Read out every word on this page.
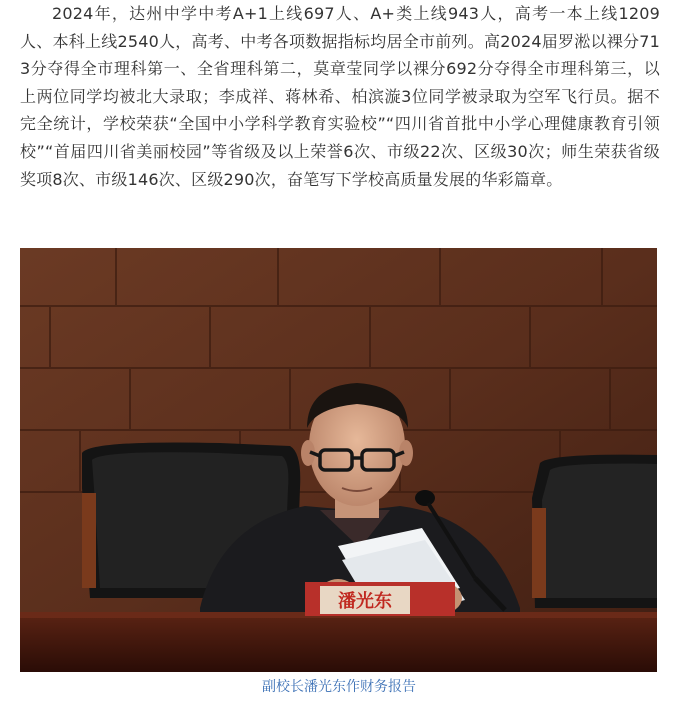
2024年，达州中学中考A+1上线697人、A+类上线943人，高考一本上线1209人、本科上线2540人，高考、中考各项数据指标均居全市前列。高2024届罗淞以裸分713分夺得全市理科第一、全省理科第二，莫章莹同学以裸分692分夺得全市理科第三，以上两位同学均被北大录取；李成祥、蒋林希、柏滨漩3位同学被录取为空军飞行员。据不完全统计，学校荣获“全国中小学科学教育实验校”“四川省首批中小学心理健康教育引领校”“首届四川省美丽校园”等省级及以上荣誉6次、市级22次、区级30次；师生荣获省级奖项8次、市级146次、区级290次，奋笔写下学校高质量发展的华彩篇章。

潘光东
副校长潘光东作财务报告
